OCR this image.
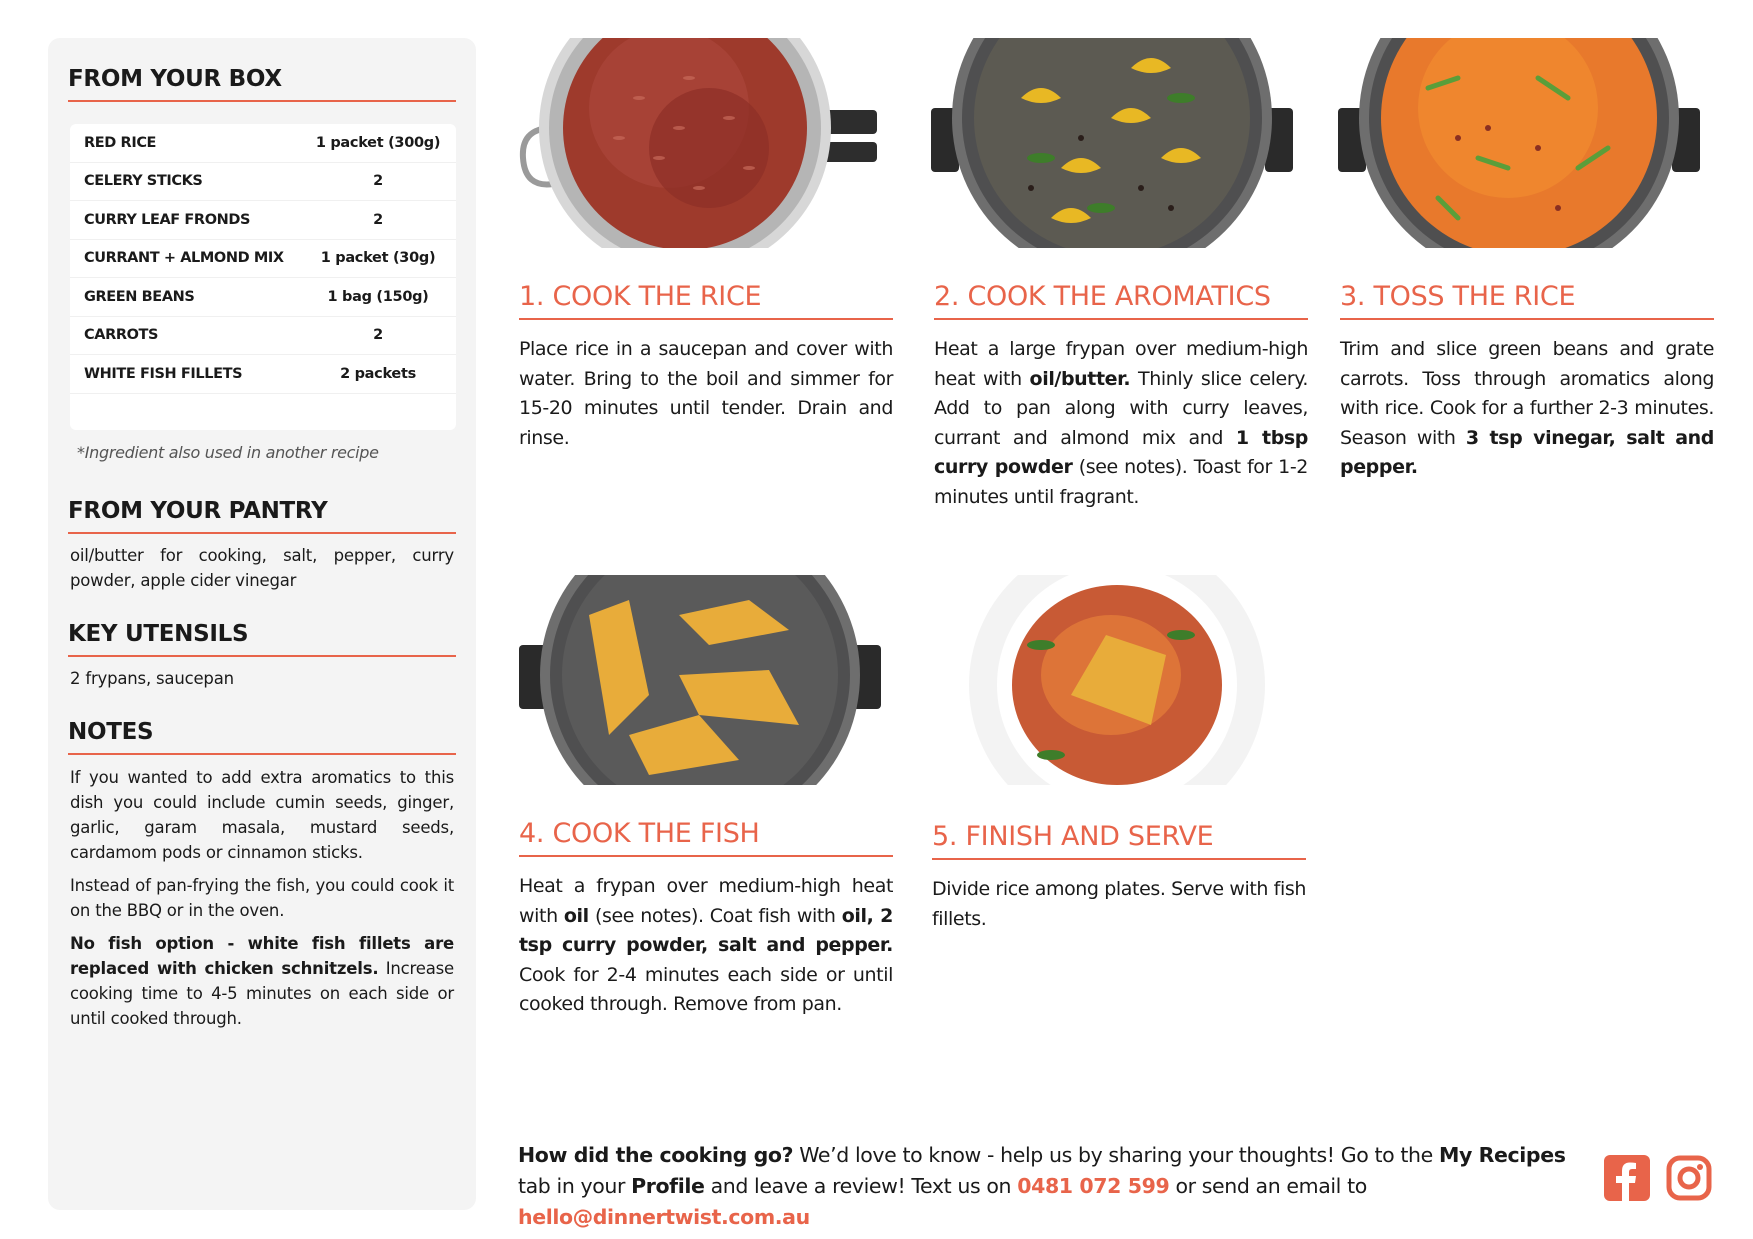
FROM YOUR BOX
RED RICE	1 packet (300g)
CELERY STICKS	2
CURRY LEAF FRONDS	2
CURRANT + ALMOND MIX	1 packet (30g)
GREEN BEANS	1 bag (150g)
CARROTS	2
WHITE FISH FILLETS	2 packets
*Ingredient also used in another recipe
FROM YOUR PANTRY
oil/butter for cooking, salt, pepper, curry powder, apple cider vinegar
KEY UTENSILS
2 frypans, saucepan
NOTES

If you wanted to add extra aromatics to this dish you could include cumin seeds, ginger, garlic, garam masala, mustard seeds, cardamom pods or cinnamon sticks.

Instead of pan-frying the fish, you could cook it on the BBQ or in the oven.

No fish option - white fish fillets are replaced with chicken schnitzels. Increase cooking time to 4-5 minutes on each side or until cooked through.

1. COOK THE RICE
Place rice in a saucepan and cover with water. Bring to the boil and simmer for 15-20 minutes until tender. Drain and rinse.
2. COOK THE AROMATICS
Heat a large frypan over medium-high heat with oil/butter. Thinly slice celery. Add to pan along with curry leaves, currant and almond mix and 1 tbsp curry powder (see notes). Toast for 1-2 minutes until fragrant.
3. TOSS THE RICE
Trim and slice green beans and grate carrots. Toss through aromatics along with rice. Cook for a further 2-3 minutes. Season with 3 tsp vinegar, salt and pepper.
4. COOK THE FISH
Heat a frypan over medium-high heat with oil (see notes). Coat fish with oil, 2 tsp curry powder, salt and pepper. Cook for 2-4 minutes each side or until cooked through. Remove from pan.
5. FINISH AND SERVE
Divide rice among plates. Serve with fish fillets.
How did the cooking go? We’d love to know - help us by sharing your thoughts! Go to the My Recipes tab in your Profile and leave a review! Text us on 0481 072 599 or send an email to hello@dinnertwist.com.au
